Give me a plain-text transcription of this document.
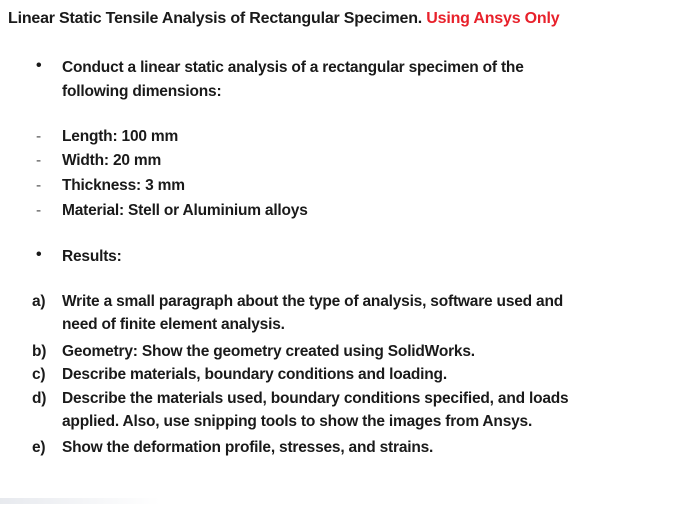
Linear Static Tensile Analysis of Rectangular Specimen. Using Ansys Only
• Conduct a linear static analysis of a rectangular specimen of the
following dimensions:
- Length: 100 mm
- Width: 20 mm
- Thickness: 3 mm
- Material: Stell or Aluminium alloys
• Results:
a) Write a small paragraph about the type of analysis, software used and
need of finite element analysis.
b) Geometry: Show the geometry created using SolidWorks.
c) Describe materials, boundary conditions and loading.
d) Describe the materials used, boundary conditions specified, and loads
applied. Also, use snipping tools to show the images from Ansys.
e) Show the deformation profile, stresses, and strains.
